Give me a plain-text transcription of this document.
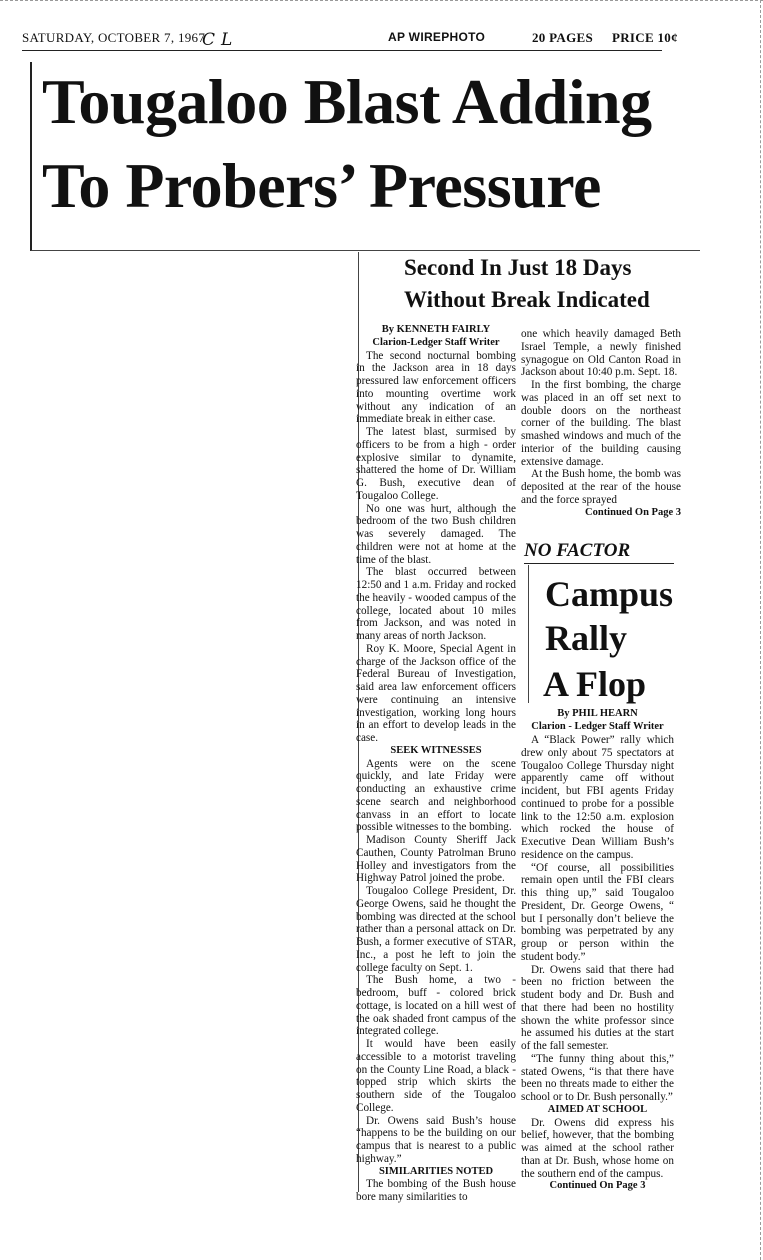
SATURDAY, OCTOBER 7, 1967
C L	AP WIREPHOTO	20 PAGES PRICE 10¢
Tougaloo Blast Adding
To Probers’ Pressure
Second In Just 18 Days
Without Break Indicated

By KENNETH FAIRLY

Clarion-Ledger Staff Writer

The second nocturnal bombing in the Jackson area in 18 days pressured law enforcement officers into mounting overtime work without any indication of an immediate break in either case.

The latest blast, surmised by officers to be from a high - order explosive similar to dynamite, shattered the home of Dr. William G. Bush, executive dean of Tougaloo College.

No one was hurt, although the bedroom of the two Bush children was severely damaged. The children were not at home at the time of the blast.

The blast occurred between 12:50 and 1 a.m. Friday and rocked the heavily - wooded campus of the college, located about 10 miles from Jackson, and was noted in many areas of north Jackson.

Roy K. Moore, Special Agent in charge of the Jackson office of the Federal Bureau of Investigation, said area law enforcement officers were continuing an intensive investigation, working long hours in an effort to develop leads in the case.

SEEK WITNESSES

Agents were on the scene quickly, and late Friday were conducting an exhaustive crime scene search and neighborhood canvass in an effort to locate possible witnesses to the bombing.

Madison County Sheriff Jack Cauthen, County Patrolman Bruno Holley and investigators from the Highway Patrol joined the probe.

Tougaloo College President, Dr. George Owens, said he thought the bombing was directed at the school rather than a personal attack on Dr. Bush, a former executive of STAR, Inc., a post he left to join the college faculty on Sept. 1.

The Bush home, a two - bedroom, buff - colored brick cottage, is located on a hill west of the oak shaded front campus of the integrated college.

It would have been easily accessible to a motorist traveling on the County Line Road, a black - topped strip which skirts the southern side of the Tougaloo College.

Dr. Owens said Bush’s house “happens to be the building on our campus that is nearest to a public highway.”

SIMILARITIES NOTED

The bombing of the Bush house bore many similarities to

one which heavily damaged Beth Israel Temple, a newly finished synagogue on Old Canton Road in Jackson about 10:40 p.m. Sept. 18.

In the first bombing, the charge was placed in an off set next to double doors on the northeast corner of the building. The blast smashed windows and much of the interior of the building causing extensive damage.

At the Bush home, the bomb was deposited at the rear of the house and the force sprayed

Continued On Page 3

NO FACTOR

Campus
Rally
A Flop
By PHIL HEARN
Clarion - Ledger Staff Writer

A “Black Power” rally which drew only about 75 spectators at Tougaloo College Thursday night apparently came off without incident, but FBI agents Friday continued to probe for a possible link to the 12:50 a.m. explosion which rocked the house of Executive Dean William Bush’s residence on the campus.

“Of course, all possibilities remain open until the FBI clears this thing up,” said Tougaloo President, Dr. George Owens, “ but I personally don’t believe the bombing was perpetrated by any group or person within the student body.”

Dr. Owens said that there had been no friction between the student body and Dr. Bush and that there had been no hostility shown the white professor since he assumed his duties at the start of the fall semester.

“The funny thing about this,” stated Owens, “is that there have been no threats made to either the school or to Dr. Bush personally.”

AIMED AT SCHOOL

Dr. Owens did express his belief, however, that the bombing was aimed at the school rather than at Dr. Bush, whose home on the southern end of the campus.

Continued On Page 3
